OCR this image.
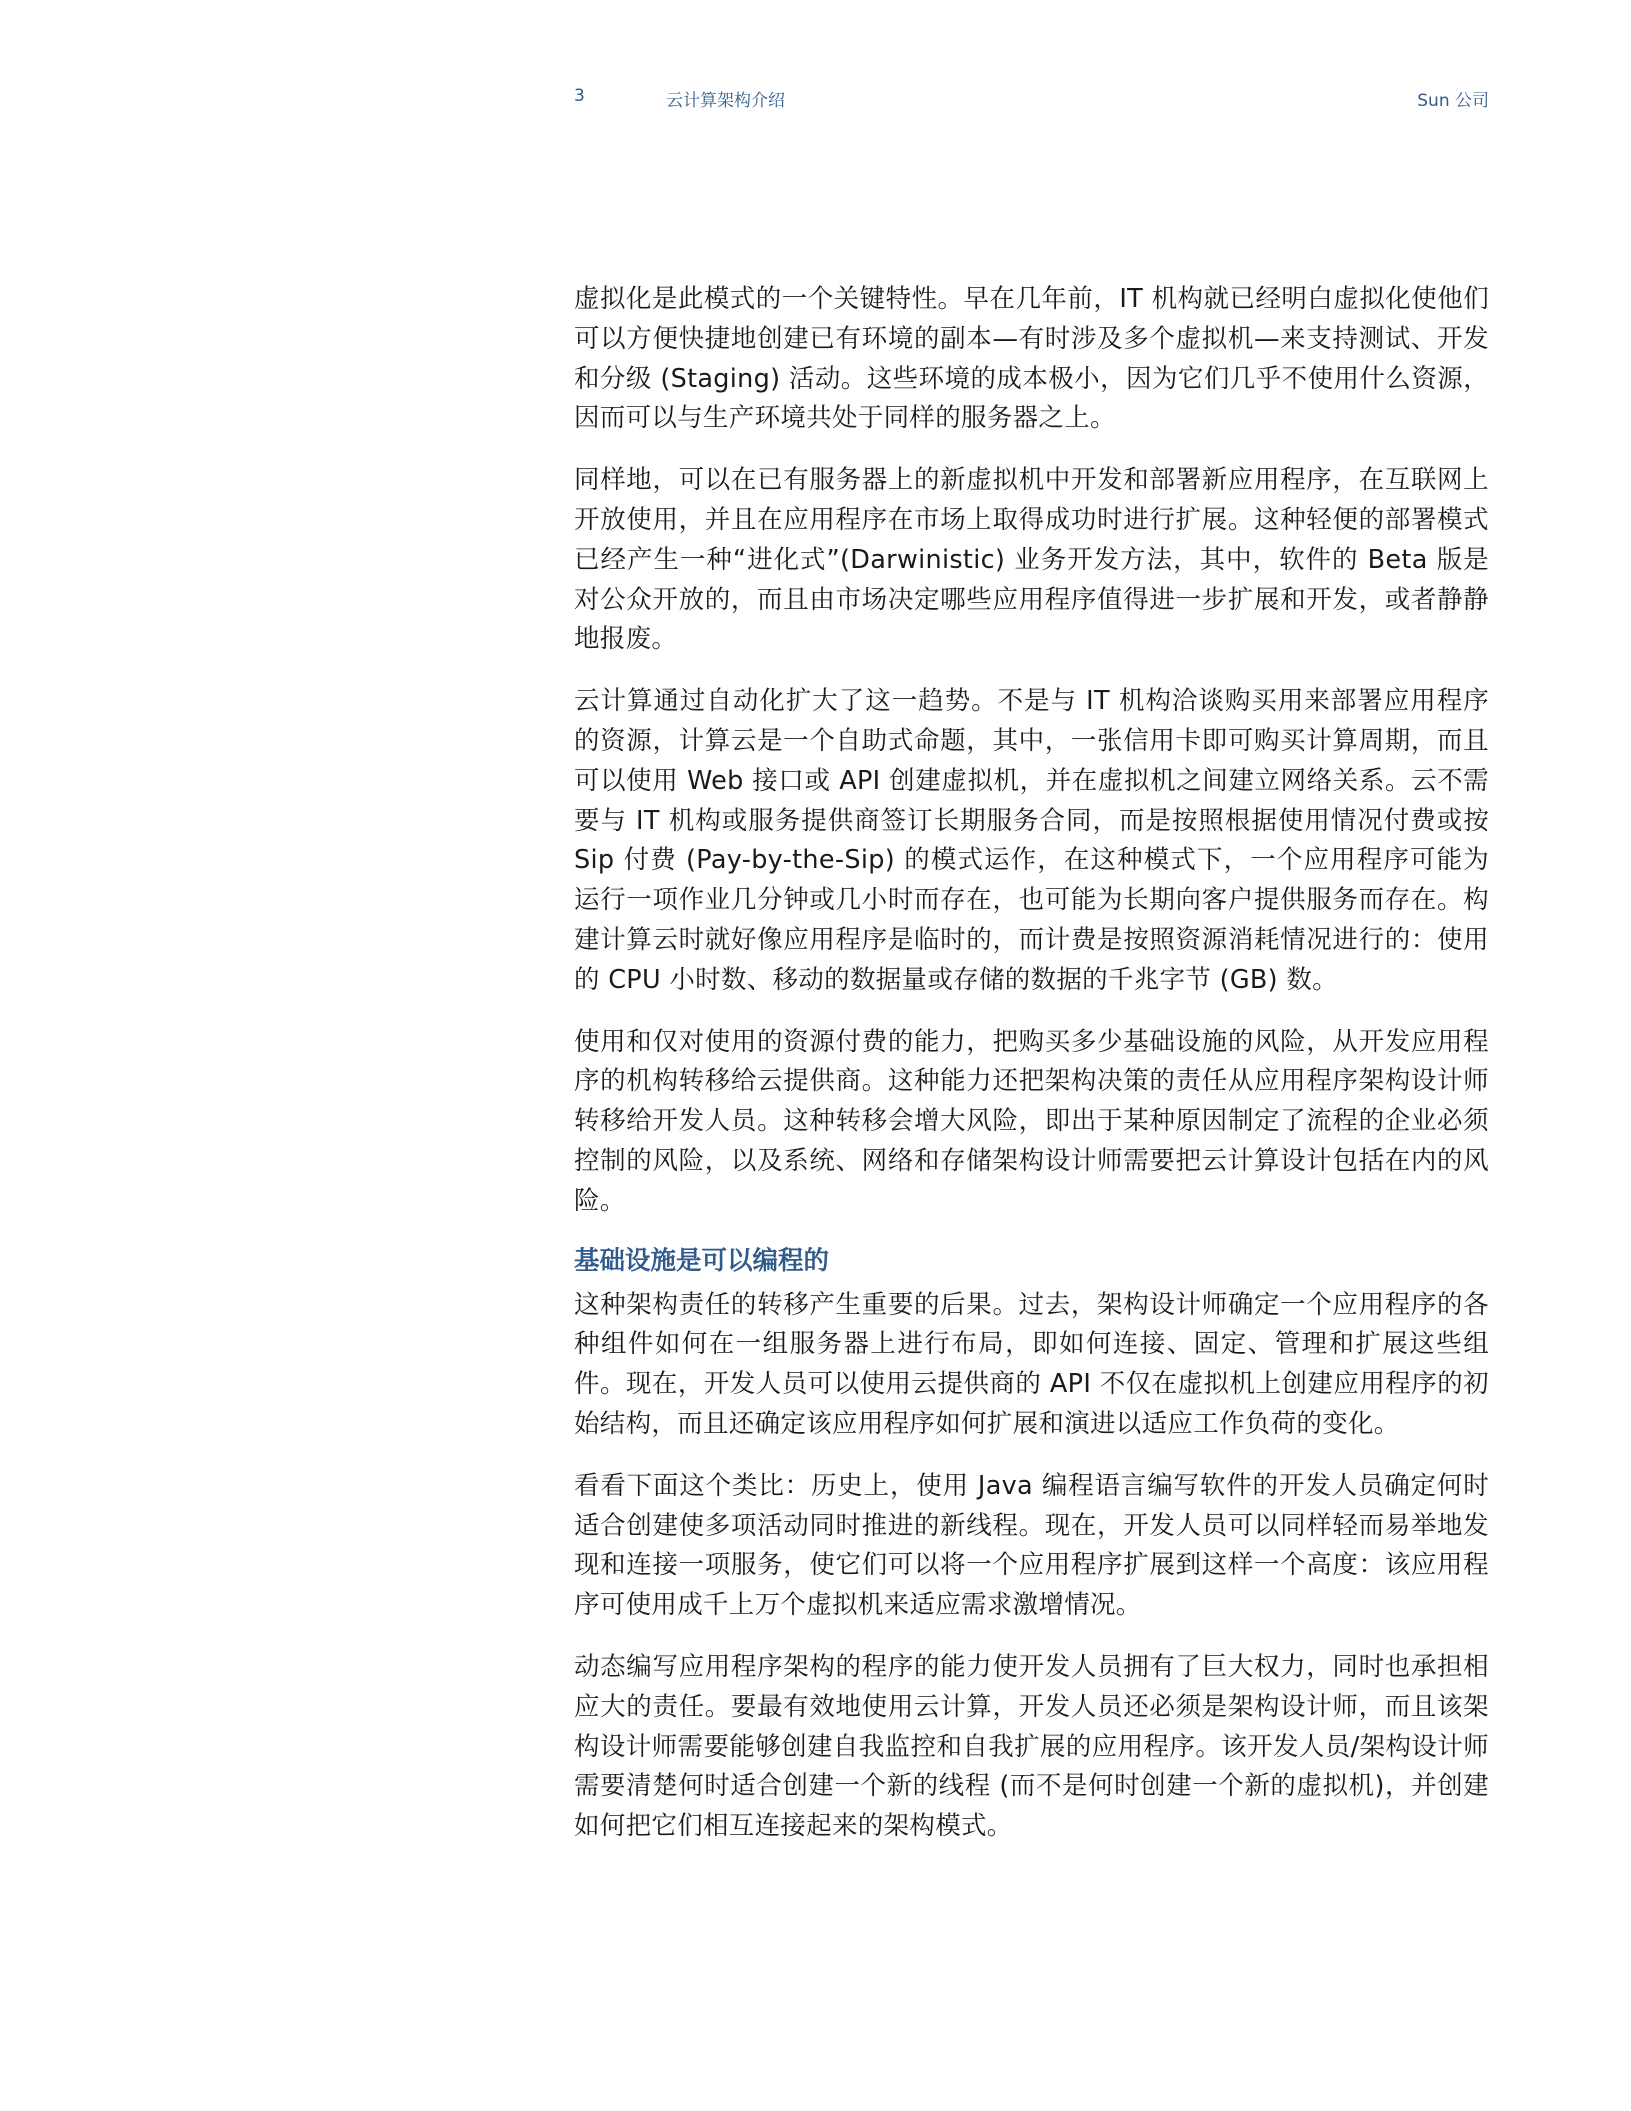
3	云计算架构介绍	Sun 公司

虚拟化是此模式的一个关键特性。早在几年前，IT 机构就已经明白虚拟化使他们可以方便快捷地创建已有环境的副本—有时涉及多个虚拟机—来支持测试、开发和分级 (Staging) 活动。这些环境的成本极小，因为它们几乎不使用什么资源，因而可以与生产环境共处于同样的服务器之上。

同样地，可以在已有服务器上的新虚拟机中开发和部署新应用程序，在互联网上开放使用，并且在应用程序在市场上取得成功时进行扩展。这种轻便的部署模式已经产生一种“进化式”(Darwinistic) 业务开发方法，其中，软件的 Beta 版是对公众开放的，而且由市场决定哪些应用程序值得进一步扩展和开发，或者静静地报废。

云计算通过自动化扩大了这一趋势。不是与 IT 机构洽谈购买用来部署应用程序的资源，计算云是一个自助式命题，其中，一张信用卡即可购买计算周期，而且可以使用 Web 接口或 API 创建虚拟机，并在虚拟机之间建立网络关系。云不需要与 IT 机构或服务提供商签订长期服务合同，而是按照根据使用情况付费或按 Sip 付费 (Pay-by-the-Sip) 的模式运作，在这种模式下，一个应用程序可能为运行一项作业几分钟或几小时而存在，也可能为长期向客户提供服务而存在。构建计算云时就好像应用程序是临时的，而计费是按照资源消耗情况进行的：使用的 CPU 小时数、移动的数据量或存储的数据的千兆字节 (GB) 数。

使用和仅对使用的资源付费的能力，把购买多少基础设施的风险，从开发应用程序的机构转移给云提供商。这种能力还把架构决策的责任从应用程序架构设计师转移给开发人员。这种转移会增大风险，即出于某种原因制定了流程的企业必须控制的风险，以及系统、网络和存储架构设计师需要把云计算设计包括在内的风险。

基础设施是可以编程的

这种架构责任的转移产生重要的后果。过去，架构设计师确定一个应用程序的各种组件如何在一组服务器上进行布局，即如何连接、固定、管理和扩展这些组件。现在，开发人员可以使用云提供商的 API 不仅在虚拟机上创建应用程序的初始结构，而且还确定该应用程序如何扩展和演进以适应工作负荷的变化。

看看下面这个类比：历史上，使用 Java 编程语言编写软件的开发人员确定何时适合创建使多项活动同时推进的新线程。现在，开发人员可以同样轻而易举地发现和连接一项服务，使它们可以将一个应用程序扩展到这样一个高度：该应用程序可使用成千上万个虚拟机来适应需求激增情况。

动态编写应用程序架构的程序的能力使开发人员拥有了巨大权力，同时也承担相应大的责任。要最有效地使用云计算，开发人员还必须是架构设计师，而且该架构设计师需要能够创建自我监控和自我扩展的应用程序。该开发人员/架构设计师需要清楚何时适合创建一个新的线程 (而不是何时创建一个新的虚拟机)，并创建如何把它们相互连接起来的架构模式。
